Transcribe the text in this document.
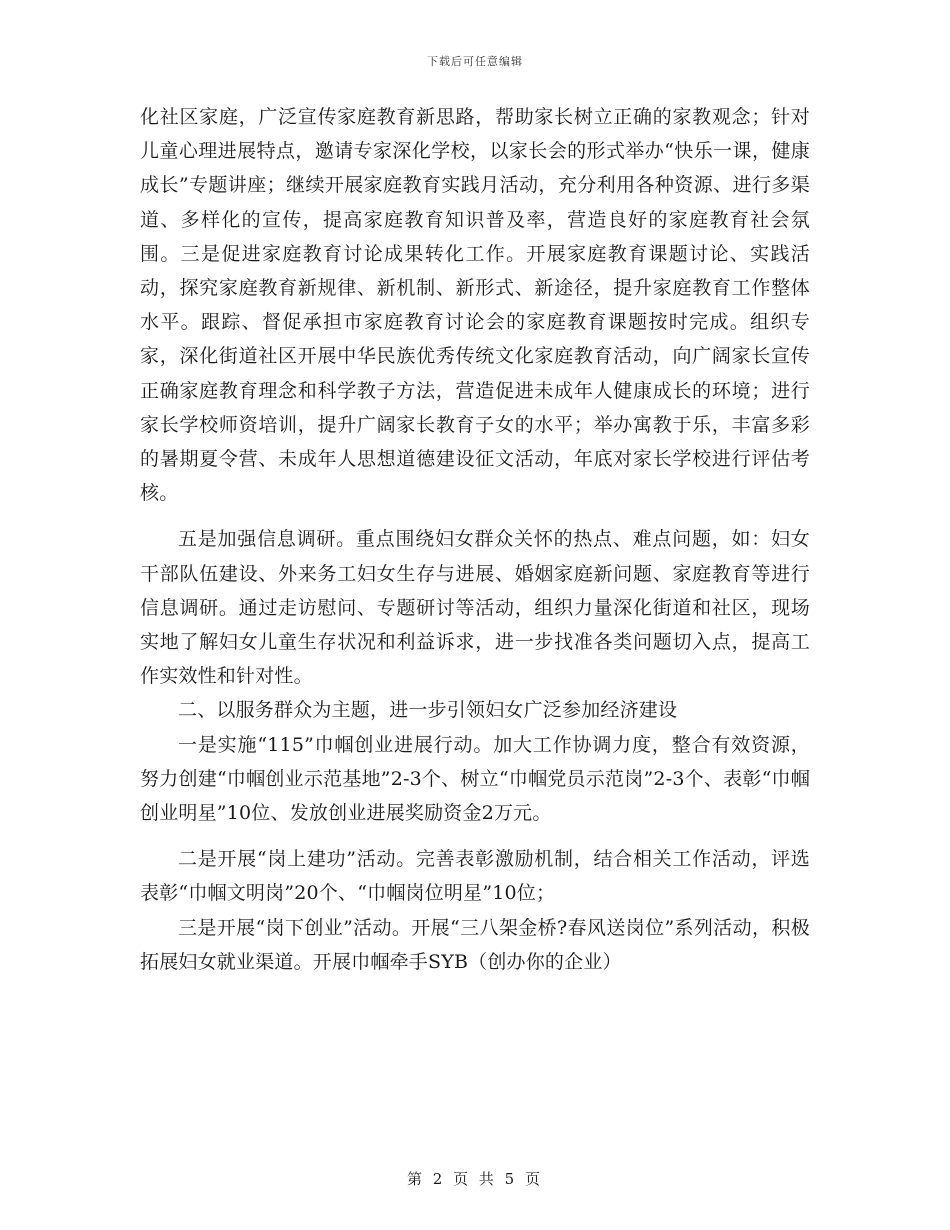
下载后可任意编辑

化社区家庭，广泛宣传家庭教育新思路，帮助家长树立正确的家教观念；针对儿童心理进展特点，邀请专家深化学校，以家长会的形式举办“快乐一课，健康成长”专题讲座；继续开展家庭教育实践月活动，充分利用各种资源、进行多渠道、多样化的宣传，提高家庭教育知识普及率，营造良好的家庭教育社会氛围。三是促进家庭教育讨论成果转化工作。开展家庭教育课题讨论、实践活动，探究家庭教育新规律、新机制、新形式、新途径，提升家庭教育工作整体水平。跟踪、督促承担市家庭教育讨论会的家庭教育课题按时完成。组织专家，深化街道社区开展中华民族优秀传统文化家庭教育活动，向广阔家长宣传正确家庭教育理念和科学教子方法，营造促进未成年人健康成长的环境；进行家长学校师资培训，提升广阔家长教育子女的水平；举办寓教于乐，丰富多彩的暑期夏令营、未成年人思想道德建设征文活动，年底对家长学校进行评估考核。

五是加强信息调研。重点围绕妇女群众关怀的热点、难点问题，如：妇女干部队伍建设、外来务工妇女生存与进展、婚姻家庭新问题、家庭教育等进行信息调研。通过走访慰问、专题研讨等活动，组织力量深化街道和社区，现场实地了解妇女儿童生存状况和利益诉求，进一步找准各类问题切入点，提高工作实效性和针对性。

二、以服务群众为主题，进一步引领妇女广泛参加经济建设

一是实施“115”巾帼创业进展行动。加大工作协调力度，整合有效资源，努力创建“巾帼创业示范基地”2-3个、树立“巾帼党员示范岗”2-3个、表彰“巾帼创业明星”10位、发放创业进展奖励资金2万元。

二是开展“岗上建功”活动。完善表彰激励机制，结合相关工作活动，评选表彰“巾帼文明岗”20个、“巾帼岗位明星”10位；

三是开展“岗下创业”活动。开展“三八架金桥?春风送岗位”系列活动，积极拓展妇女就业渠道。开展巾帼牵手SYB（创办你的企业）

第 2 页 共 5 页
